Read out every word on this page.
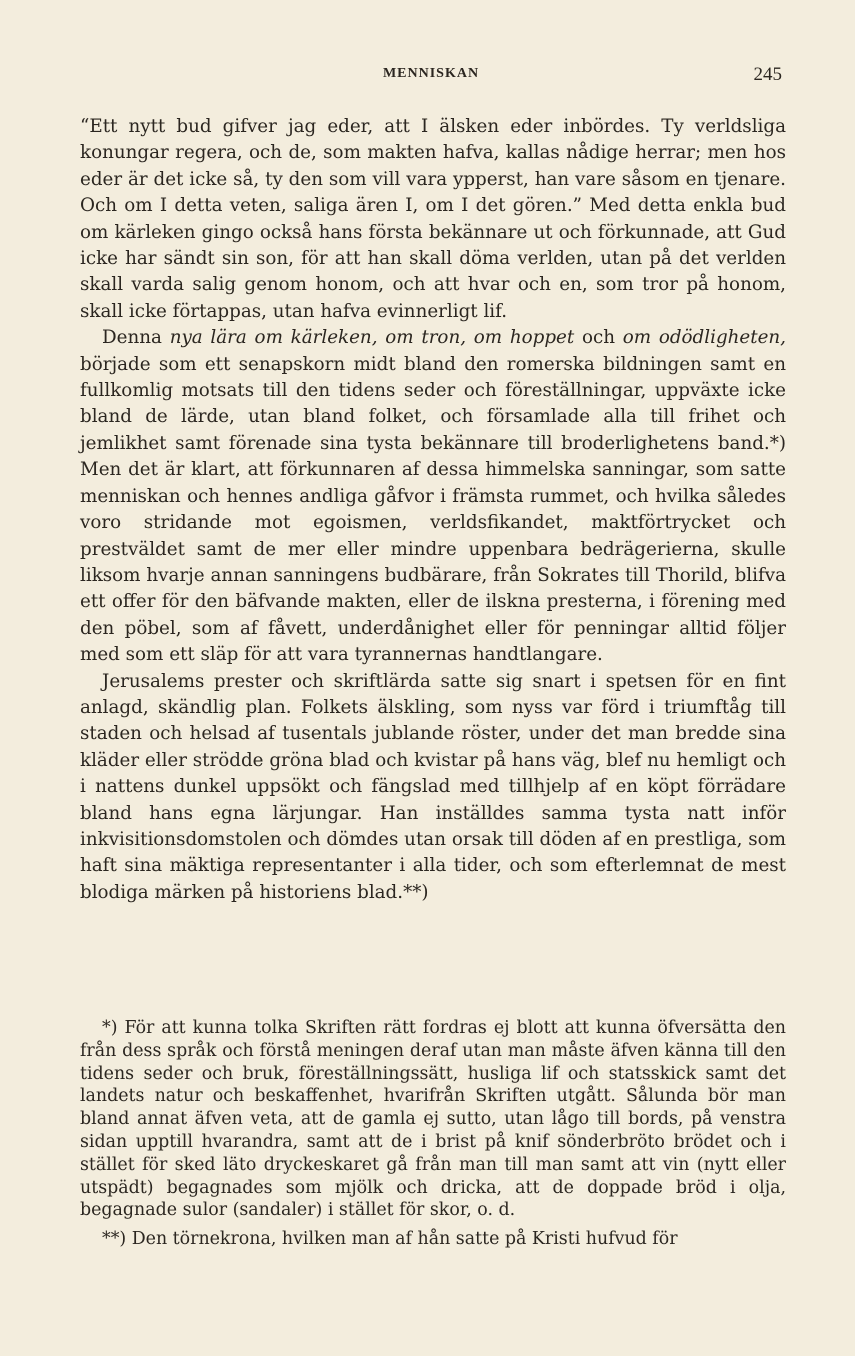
MENNISKAN	245

“Ett nytt bud gifver jag eder, att I älsken eder inbördes. Ty verldsliga konungar regera, och de, som makten hafva, kallas nådige herrar; men hos eder är det icke så, ty den som vill vara ypperst, han vare såsom en tjenare. Och om I detta veten, saliga ären I, om I det gören.” Med detta enkla bud om kärleken gingo också hans första bekännare ut och förkunnade, att Gud icke har sändt sin son, för att han skall döma verlden, utan på det verlden skall varda salig genom honom, och att hvar och en, som tror på honom, skall icke förtappas, utan hafva evinnerligt lif.

Denna nya lära om kärleken, om tron, om hoppet och om odödligheten, började som ett senapskorn midt bland den romerska bildningen samt en fullkomlig motsats till den tidens seder och föreställningar, uppväxte icke bland de lärde, utan bland folket, och församlade alla till frihet och jemlikhet samt förenade sina tysta bekännare till broderlighetens band.*) Men det är klart, att förkunnaren af dessa himmelska sanningar, som satte menniskan och hennes andliga gåfvor i främsta rummet, och hvilka således voro stridande mot egoismen, verldsfikandet, maktförtrycket och prestväldet samt de mer eller mindre uppenbara bedrägerierna, skulle liksom hvarje annan sanningens budbärare, från Sokrates till Thorild, blifva ett offer för den bäfvande makten, eller de ilskna presterna, i förening med den pöbel, som af fåvett, underdånighet eller för penningar alltid följer med som ett släp för att vara tyrannernas handtlangare.

Jerusalems prester och skriftlärda satte sig snart i spetsen för en fint anlagd, skändlig plan. Folkets älskling, som nyss var förd i triumftåg till staden och helsad af tusentals jublande röster, under det man bredde sina kläder eller strödde gröna blad och kvistar på hans väg, blef nu hemligt och i nattens dunkel uppsökt och fängslad med tillhjelp af en köpt förrädare bland hans egna lärjungar. Han inställdes samma tysta natt inför inkvisitionsdomstolen och dömdes utan orsak till döden af en prestliga, som haft sina mäktiga representanter i alla tider, och som efterlemnat de mest blodiga märken på historiens blad.**)

*) För att kunna tolka Skriften rätt fordras ej blott att kunna öfversätta den från dess språk och förstå meningen deraf utan man måste äfven känna till den tidens seder och bruk, föreställningssätt, husliga lif och statsskick samt det landets natur och beskaffenhet, hvarifrån Skriften utgått. Sålunda bör man bland annat äfven veta, att de gamla ej sutto, utan lågo till bords, på venstra sidan upptill hvarandra, samt att de i brist på knif sönderbröto brödet och i stället för sked läto dryckeskaret gå från man till man samt att vin (nytt eller utspädt) begagnades som mjölk och dricka, att de doppade bröd i olja, begagnade sulor (sandaler) i stället för skor, o. d.

**) Den törnekrona, hvilken man af hån satte på Kristi hufvud för
